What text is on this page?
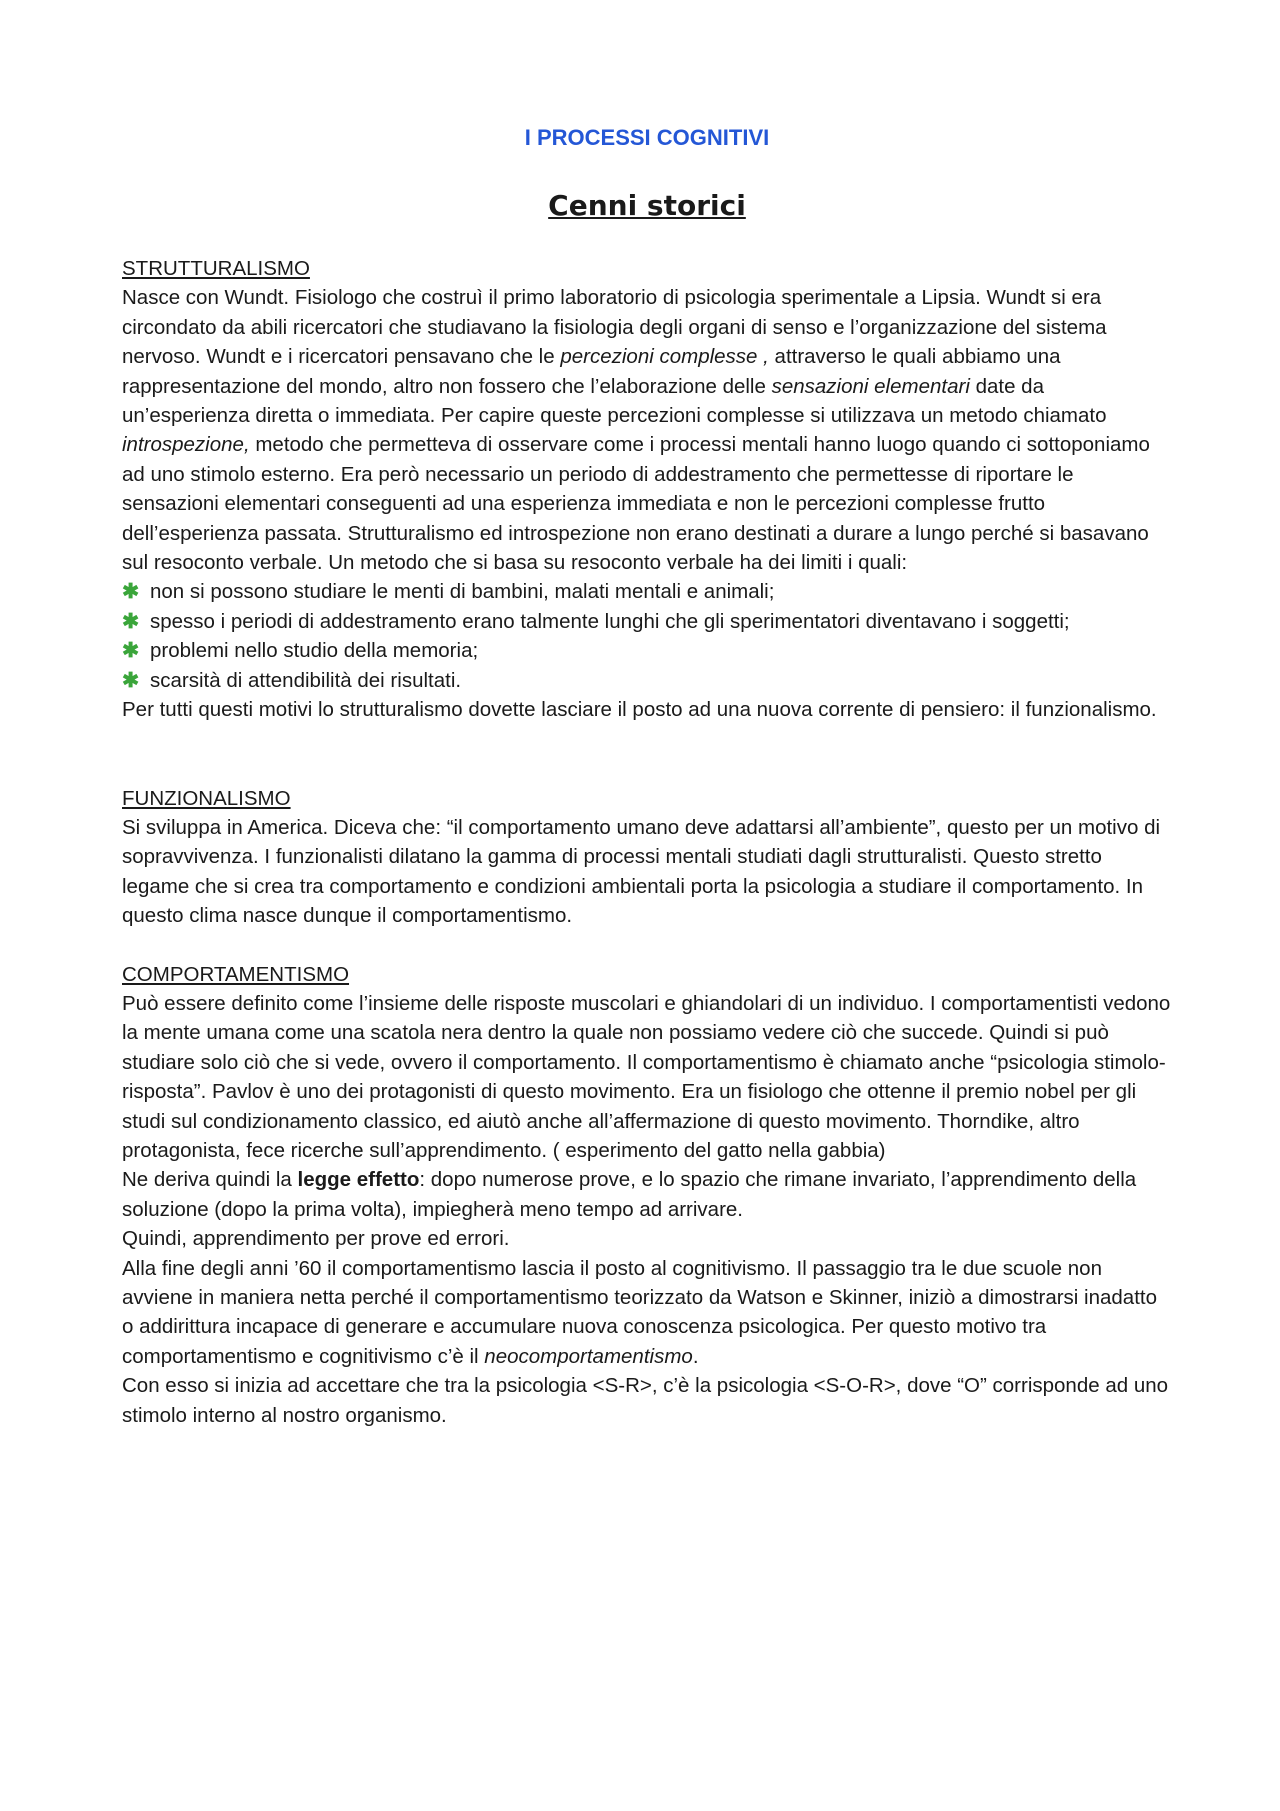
I PROCESSI COGNITIVI
Cenni storici
STRUTTURALISMO

Nasce con Wundt. Fisiologo che costruì il primo laboratorio di psicologia sperimentale a Lipsia. Wundt si era circondato da abili ricercatori che studiavano la fisiologia degli organi di senso e l’organizzazione del sistema nervoso. Wundt e i ricercatori pensavano che le percezioni complesse , attraverso le quali abbiamo una rappresentazione del mondo, altro non fossero che l’elaborazione delle sensazioni elementari date da un’esperienza diretta o immediata. Per capire queste percezioni complesse si utilizzava un metodo chiamato introspezione, metodo che permetteva di osservare come i processi mentali hanno luogo quando ci sottoponiamo ad uno stimolo esterno. Era però necessario un periodo di addestramento che permettesse di riportare le sensazioni elementari conseguenti ad una esperienza immediata e non le percezioni complesse frutto dell’esperienza passata. Strutturalismo ed introspezione non erano destinati a durare a lungo perché si basavano sul resoconto verbale. Un metodo che si basa su resoconto verbale ha dei limiti i quali:

✱ non si possono studiare le menti di bambini, malati mentali e animali;
✱ spesso i periodi di addestramento erano talmente lunghi che gli sperimentatori diventavano i soggetti;
✱ problemi nello studio della memoria;
✱ scarsità di attendibilità dei risultati.

Per tutti questi motivi lo strutturalismo dovette lasciare il posto ad una nuova corrente di pensiero: il funzionalismo.

FUNZIONALISMO

Si sviluppa in America. Diceva che: “il comportamento umano deve adattarsi all’ambiente”, questo per un motivo di sopravvivenza. I funzionalisti dilatano la gamma di processi mentali studiati dagli strutturalisti. Questo stretto legame che si crea tra comportamento e condizioni ambientali porta la psicologia a studiare il comportamento. In questo clima nasce dunque il comportamentismo.

COMPORTAMENTISMO

Può essere definito come l’insieme delle risposte muscolari e ghiandolari di un individuo. I comportamentisti vedono la mente umana come una scatola nera dentro la quale non possiamo vedere ciò che succede. Quindi si può studiare solo ciò che si vede, ovvero il comportamento. Il comportamentismo è chiamato anche “psicologia stimolo-risposta”. Pavlov è uno dei protagonisti di questo movimento. Era un fisiologo che ottenne il premio nobel per gli studi sul condizionamento classico, ed aiutò anche all’affermazione di questo movimento. Thorndike, altro protagonista, fece ricerche sull’apprendimento. ( esperimento del gatto nella gabbia)

Ne deriva quindi la legge effetto: dopo numerose prove, e lo spazio che rimane invariato, l’apprendimento della soluzione (dopo la prima volta), impiegherà meno tempo ad arrivare.

Quindi, apprendimento per prove ed errori.

Alla fine degli anni ’60 il comportamentismo lascia il posto al cognitivismo. Il passaggio tra le due scuole non avviene in maniera netta perché il comportamentismo teorizzato da Watson e Skinner, iniziò a dimostrarsi inadatto o addirittura incapace di generare e accumulare nuova conoscenza psicologica. Per questo motivo tra comportamentismo e cognitivismo c’è il neocomportamentismo.

Con esso si inizia ad accettare che tra la psicologia <S-R>, c’è la psicologia <S-O-R>, dove “O” corrisponde ad uno stimolo interno al nostro organismo.
